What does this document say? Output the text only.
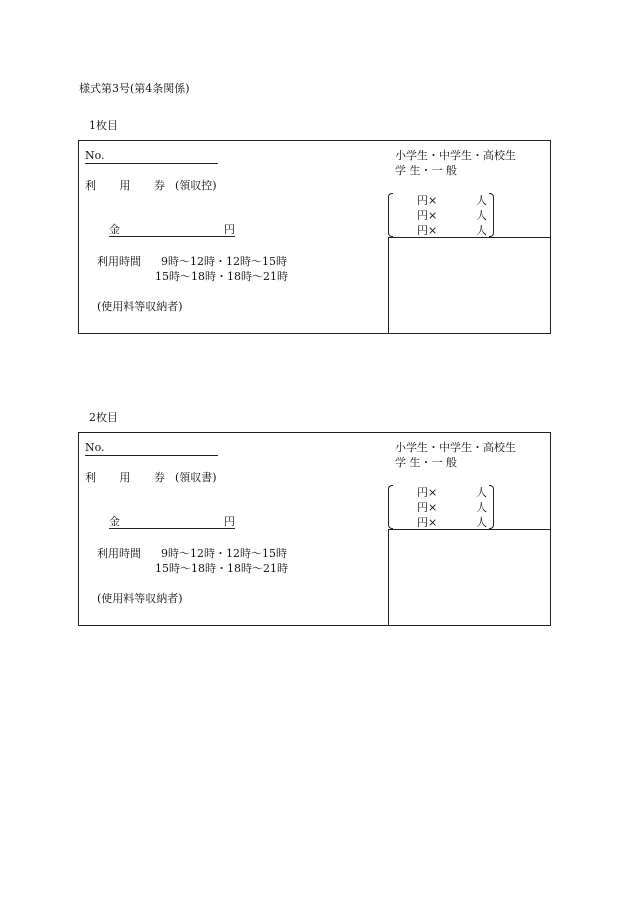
様式第3号(第4条関係)
1枚目
No.
利 用 券(領収控)
金	円
利用時間 9時～12時・12時～15時
15時～18時・18時～21時
(使用料等収納者)
小学生・中学生・高校生
学 生・一 般
円×	人
円×	人
円×	人
2枚目
No.
利 用 券(領収書)
金	円
利用時間 9時～12時・12時～15時
15時～18時・18時～21時
(使用料等収納者)
小学生・中学生・高校生
学 生・一 般
円×	人
円×	人
円×	人
